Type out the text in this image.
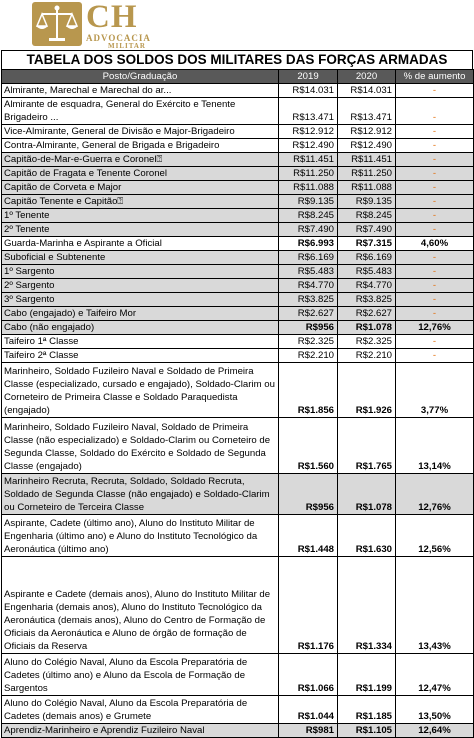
CH
ADVOCACIA
MILITAR
TABELA DOS SOLDOS DOS MILITARES DAS FORÇAS ARMADAS
Posto/Graduação	2019	2020	% de aumento
Almirante, Marechal e Marechal do ar...	R$14.031	R$14.031	-
Almirante de esquadra, General do Exército e Tenente Brigadeiro ...	R$13.471	R$13.471	-
Vice-Almirante, General de Divisão e Major-Brigadeiro	R$12.912	R$12.912	-
Contra-Almirante, General de Brigada e Brigadeiro	R$12.490	R$12.490	-
Capitão-de-Mar-e-Guerra e Coronel⍰	R$11.451	R$11.451	-
Capitão de Fragata e Tenente Coronel	R$11.250	R$11.250	-
Capitão de Corveta e Major	R$11.088	R$11.088	-
Capitão Tenente e Capitão⍰	R$9.135	R$9.135	-
1º Tenente	R$8.245	R$8.245	-
2º Tenente	R$7.490	R$7.490	-
Guarda-Marinha e Aspirante a Oficial	R$6.993	R$7.315	4,60%
Suboficial e Subtenente	R$6.169	R$6.169	-
1º Sargento	R$5.483	R$5.483	-
2º Sargento	R$4.770	R$4.770	-
3º Sargento	R$3.825	R$3.825	-
Cabo (engajado) e Taifeiro Mor	R$2.627	R$2.627	-
Cabo (não engajado)	R$956	R$1.078	12,76%
Taifeiro 1ª Classe	R$2.325	R$2.325	-
Taifeiro 2ª Classe	R$2.210	R$2.210	-
Marinheiro, Soldado Fuzileiro Naval e Soldado de Primeira Classe (especializado, cursado e engajado), Soldado-Clarim ou Corneteiro de Primeira Classe e Soldado Paraquedista (engajado)	R$1.856	R$1.926	3,77%
Marinheiro, Soldado Fuzileiro Naval, Soldado de Primeira Classe (não especializado) e Soldado-Clarim ou Corneteiro de Segunda Classe, Soldado do Exército e Soldado de Segunda Classe (engajado)	R$1.560	R$1.765	13,14%
Marinheiro Recruta, Recruta, Soldado, Soldado Recruta, Soldado de Segunda Classe (não engajado) e Soldado-Clarim ou Corneteiro de Terceira Classe	R$956	R$1.078	12,76%
Aspirante, Cadete (último ano), Aluno do Instituto Militar de Engenharia (último ano) e Aluno do Instituto Tecnológico da Aeronáutica (último ano)	R$1.448	R$1.630	12,56%
Aspirante e Cadete (demais anos), Aluno do Instituto Militar de Engenharia (demais anos), Aluno do Instituto Tecnológico da Aeronáutica (demais anos), Aluno do Centro de Formação de Oficiais da Aeronáutica e Aluno de órgão de formação de Oficiais da Reserva	R$1.176	R$1.334	13,43%
Aluno do Colégio Naval, Aluno da Escola Preparatória de Cadetes (último ano) e Aluno da Escola de Formação de Sargentos	R$1.066	R$1.199	12,47%
Aluno do Colégio Naval, Aluno da Escola Preparatória de Cadetes (demais anos) e Grumete	R$1.044	R$1.185	13,50%
Aprendiz-Marinheiro e Aprendiz Fuzileiro Naval	R$981	R$1.105	12,64%
